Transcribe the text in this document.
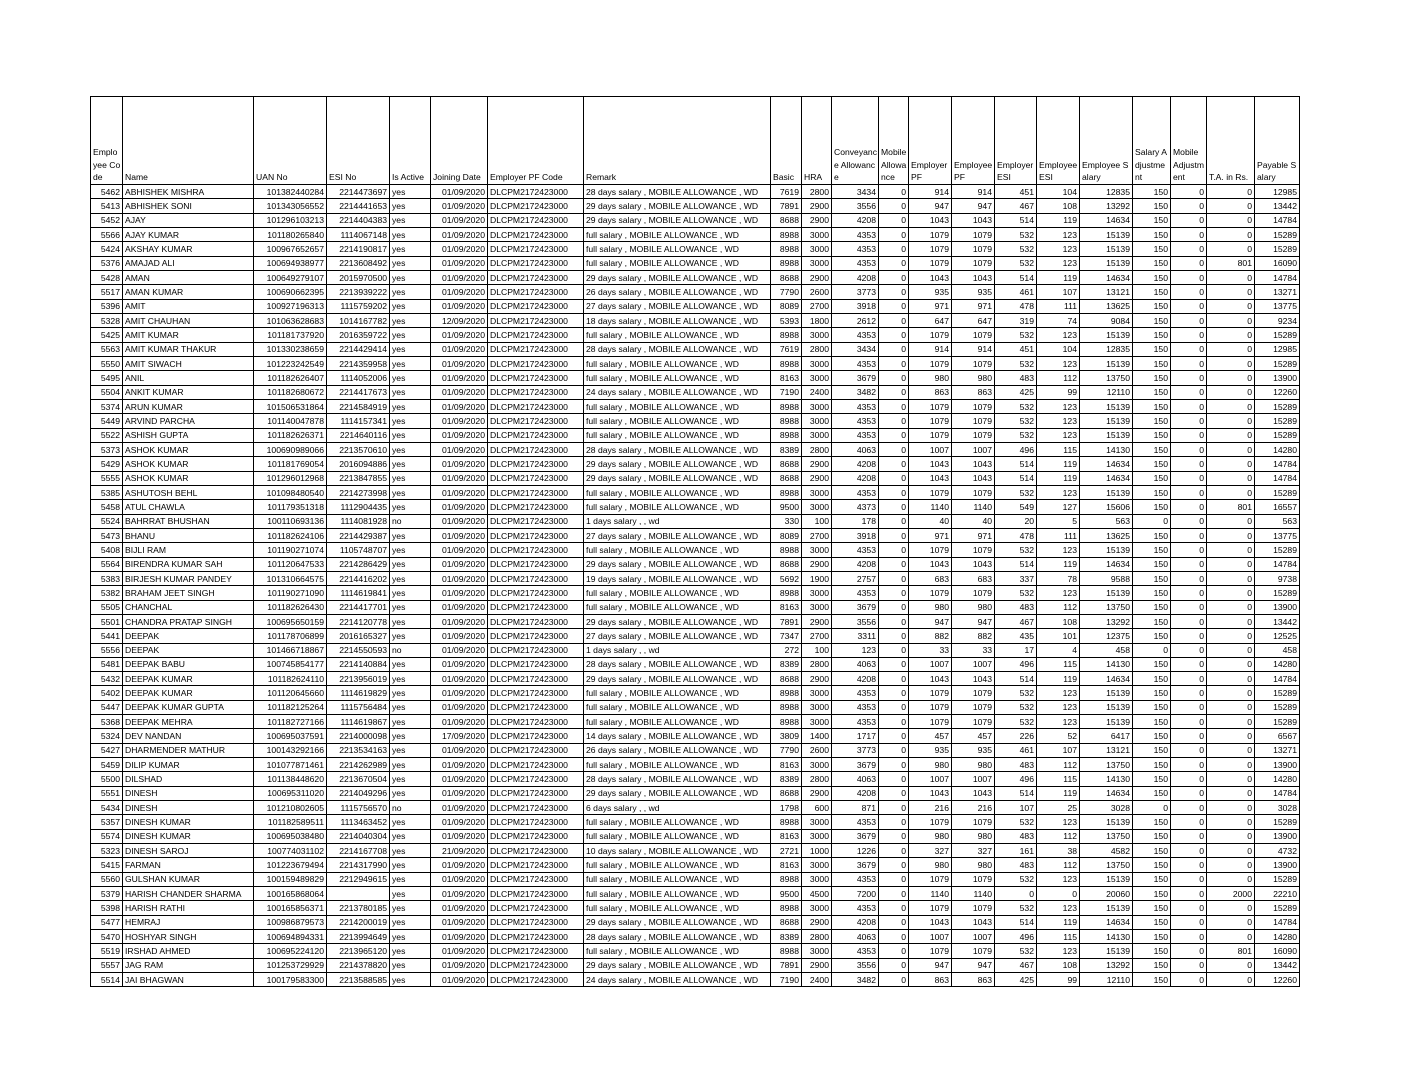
Employee Code	Name	UAN No	ESI No	Is Active	Joining Date	Employer PF Code	Remark	Basic	HRA	Conveyance Allowance	Mobile Allowance	Employer PF	Employee PF	Employer ESI	Employee ESI	Employee Salary	Salary Adjustment	Mobile Adjustment	T.A. in Rs.	Payable Salary
5462	ABHISHEK MISHRA	101382440284	2214473697	yes	01/09/2020	DLCPM2172423000	28 days salary , MOBILE ALLOWANCE , WD	7619	2800	3434	0	914	914	451	104	12835	150	0	0	12985
5413	ABHISHEK SONI	101343056552	2214441653	yes	01/09/2020	DLCPM2172423000	29 days salary , MOBILE ALLOWANCE , WD	7891	2900	3556	0	947	947	467	108	13292	150	0	0	13442
5452	AJAY	101296103213	2214404383	yes	01/09/2020	DLCPM2172423000	29 days salary , MOBILE ALLOWANCE , WD	8688	2900	4208	0	1043	1043	514	119	14634	150	0	0	14784
5566	AJAY KUMAR	101180265840	1114067148	yes	01/09/2020	DLCPM2172423000	full salary , MOBILE ALLOWANCE , WD	8988	3000	4353	0	1079	1079	532	123	15139	150	0	0	15289
5424	AKSHAY KUMAR	100967652657	2214190817	yes	01/09/2020	DLCPM2172423000	full salary , MOBILE ALLOWANCE , WD	8988	3000	4353	0	1079	1079	532	123	15139	150	0	0	15289
5376	AMAJAD ALI	100694938977	2213608492	yes	01/09/2020	DLCPM2172423000	full salary , MOBILE ALLOWANCE , WD	8988	3000	4353	0	1079	1079	532	123	15139	150	0	801	16090
5428	AMAN	100649279107	2015970500	yes	01/09/2020	DLCPM2172423000	29 days salary , MOBILE ALLOWANCE , WD	8688	2900	4208	0	1043	1043	514	119	14634	150	0	0	14784
5517	AMAN KUMAR	100690662395	2213939222	yes	01/09/2020	DLCPM2172423000	26 days salary , MOBILE ALLOWANCE , WD	7790	2600	3773	0	935	935	461	107	13121	150	0	0	13271
5396	AMIT	100927196313	1115759202	yes	01/09/2020	DLCPM2172423000	27 days salary , MOBILE ALLOWANCE , WD	8089	2700	3918	0	971	971	478	111	13625	150	0	0	13775
5328	AMIT CHAUHAN	101063628683	1014167782	yes	12/09/2020	DLCPM2172423000	18 days salary , MOBILE ALLOWANCE , WD	5393	1800	2612	0	647	647	319	74	9084	150	0	0	9234
5425	AMIT KUMAR	101181737920	2016359722	yes	01/09/2020	DLCPM2172423000	full salary , MOBILE ALLOWANCE , WD	8988	3000	4353	0	1079	1079	532	123	15139	150	0	0	15289
5563	AMIT KUMAR THAKUR	101330238659	2214429414	yes	01/09/2020	DLCPM2172423000	28 days salary , MOBILE ALLOWANCE , WD	7619	2800	3434	0	914	914	451	104	12835	150	0	0	12985
5550	AMIT SIWACH	101223242549	2214359958	yes	01/09/2020	DLCPM2172423000	full salary , MOBILE ALLOWANCE , WD	8988	3000	4353	0	1079	1079	532	123	15139	150	0	0	15289
5495	ANIL	101182626407	1114052006	yes	01/09/2020	DLCPM2172423000	full salary , MOBILE ALLOWANCE , WD	8163	3000	3679	0	980	980	483	112	13750	150	0	0	13900
5504	ANKIT KUMAR	101182680672	2214417673	yes	01/09/2020	DLCPM2172423000	24 days salary , MOBILE ALLOWANCE , WD	7190	2400	3482	0	863	863	425	99	12110	150	0	0	12260
5374	ARUN KUMAR	101506531864	2214584919	yes	01/09/2020	DLCPM2172423000	full salary , MOBILE ALLOWANCE , WD	8988	3000	4353	0	1079	1079	532	123	15139	150	0	0	15289
5449	ARVIND PARCHA	101140047878	1114157341	yes	01/09/2020	DLCPM2172423000	full salary , MOBILE ALLOWANCE , WD	8988	3000	4353	0	1079	1079	532	123	15139	150	0	0	15289
5522	ASHISH GUPTA	101182626371	2214640116	yes	01/09/2020	DLCPM2172423000	full salary , MOBILE ALLOWANCE , WD	8988	3000	4353	0	1079	1079	532	123	15139	150	0	0	15289
5373	ASHOK KUMAR	100690989066	2213570610	yes	01/09/2020	DLCPM2172423000	28 days salary , MOBILE ALLOWANCE , WD	8389	2800	4063	0	1007	1007	496	115	14130	150	0	0	14280
5429	ASHOK KUMAR	101181769054	2016094886	yes	01/09/2020	DLCPM2172423000	29 days salary , MOBILE ALLOWANCE , WD	8688	2900	4208	0	1043	1043	514	119	14634	150	0	0	14784
5555	ASHOK KUMAR	101296012968	2213847855	yes	01/09/2020	DLCPM2172423000	29 days salary , MOBILE ALLOWANCE , WD	8688	2900	4208	0	1043	1043	514	119	14634	150	0	0	14784
5385	ASHUTOSH BEHL	101098480540	2214273998	yes	01/09/2020	DLCPM2172423000	full salary , MOBILE ALLOWANCE , WD	8988	3000	4353	0	1079	1079	532	123	15139	150	0	0	15289
5458	ATUL CHAWLA	101179351318	1112904435	yes	01/09/2020	DLCPM2172423000	full salary , MOBILE ALLOWANCE , WD	9500	3000	4373	0	1140	1140	549	127	15606	150	0	801	16557
5524	BAHRRAT BHUSHAN	100110693136	1114081928	no	01/09/2020	DLCPM2172423000	1 days salary , , wd	330	100	178	0	40	40	20	5	563	0	0	0	563
5473	BHANU	101182624106	2214429387	yes	01/09/2020	DLCPM2172423000	27 days salary , MOBILE ALLOWANCE , WD	8089	2700	3918	0	971	971	478	111	13625	150	0	0	13775
5408	BIJLI RAM	101190271074	1105748707	yes	01/09/2020	DLCPM2172423000	full salary , MOBILE ALLOWANCE , WD	8988	3000	4353	0	1079	1079	532	123	15139	150	0	0	15289
5564	BIRENDRA KUMAR SAH	101120647533	2214286429	yes	01/09/2020	DLCPM2172423000	29 days salary , MOBILE ALLOWANCE , WD	8688	2900	4208	0	1043	1043	514	119	14634	150	0	0	14784
5383	BIRJESH KUMAR PANDEY	101310664575	2214416202	yes	01/09/2020	DLCPM2172423000	19 days salary , MOBILE ALLOWANCE , WD	5692	1900	2757	0	683	683	337	78	9588	150	0	0	9738
5382	BRAHAM JEET SINGH	101190271090	1114619841	yes	01/09/2020	DLCPM2172423000	full salary , MOBILE ALLOWANCE , WD	8988	3000	4353	0	1079	1079	532	123	15139	150	0	0	15289
5505	CHANCHAL	101182626430	2214417701	yes	01/09/2020	DLCPM2172423000	full salary , MOBILE ALLOWANCE , WD	8163	3000	3679	0	980	980	483	112	13750	150	0	0	13900
5501	CHANDRA PRATAP SINGH	100695650159	2214120778	yes	01/09/2020	DLCPM2172423000	29 days salary , MOBILE ALLOWANCE , WD	7891	2900	3556	0	947	947	467	108	13292	150	0	0	13442
5441	DEEPAK	101178706899	2016165327	yes	01/09/2020	DLCPM2172423000	27 days salary , MOBILE ALLOWANCE , WD	7347	2700	3311	0	882	882	435	101	12375	150	0	0	12525
5556	DEEPAK	101466718867	2214550593	no	01/09/2020	DLCPM2172423000	1 days salary , , wd	272	100	123	0	33	33	17	4	458	0	0	0	458
5481	DEEPAK BABU	100745854177	2214140884	yes	01/09/2020	DLCPM2172423000	28 days salary , MOBILE ALLOWANCE , WD	8389	2800	4063	0	1007	1007	496	115	14130	150	0	0	14280
5432	DEEPAK KUMAR	101182624110	2213956019	yes	01/09/2020	DLCPM2172423000	29 days salary , MOBILE ALLOWANCE , WD	8688	2900	4208	0	1043	1043	514	119	14634	150	0	0	14784
5402	DEEPAK KUMAR	101120645660	1114619829	yes	01/09/2020	DLCPM2172423000	full salary , MOBILE ALLOWANCE , WD	8988	3000	4353	0	1079	1079	532	123	15139	150	0	0	15289
5447	DEEPAK KUMAR GUPTA	101182125264	1115756484	yes	01/09/2020	DLCPM2172423000	full salary , MOBILE ALLOWANCE , WD	8988	3000	4353	0	1079	1079	532	123	15139	150	0	0	15289
5368	DEEPAK MEHRA	101182727166	1114619867	yes	01/09/2020	DLCPM2172423000	full salary , MOBILE ALLOWANCE , WD	8988	3000	4353	0	1079	1079	532	123	15139	150	0	0	15289
5324	DEV NANDAN	100695037591	2214000098	yes	17/09/2020	DLCPM2172423000	14 days salary , MOBILE ALLOWANCE , WD	3809	1400	1717	0	457	457	226	52	6417	150	0	0	6567
5427	DHARMENDER MATHUR	100143292166	2213534163	yes	01/09/2020	DLCPM2172423000	26 days salary , MOBILE ALLOWANCE , WD	7790	2600	3773	0	935	935	461	107	13121	150	0	0	13271
5459	DILIP KUMAR	101077871461	2214262989	yes	01/09/2020	DLCPM2172423000	full salary , MOBILE ALLOWANCE , WD	8163	3000	3679	0	980	980	483	112	13750	150	0	0	13900
5500	DILSHAD	101138448620	2213670504	yes	01/09/2020	DLCPM2172423000	28 days salary , MOBILE ALLOWANCE , WD	8389	2800	4063	0	1007	1007	496	115	14130	150	0	0	14280
5551	DINESH	100695311020	2214049296	yes	01/09/2020	DLCPM2172423000	29 days salary , MOBILE ALLOWANCE , WD	8688	2900	4208	0	1043	1043	514	119	14634	150	0	0	14784
5434	DINESH	101210802605	1115756570	no	01/09/2020	DLCPM2172423000	6 days salary , , wd	1798	600	871	0	216	216	107	25	3028	0	0	0	3028
5357	DINESH KUMAR	101182589511	1113463452	yes	01/09/2020	DLCPM2172423000	full salary , MOBILE ALLOWANCE , WD	8988	3000	4353	0	1079	1079	532	123	15139	150	0	0	15289
5574	DINESH KUMAR	100695038480	2214040304	yes	01/09/2020	DLCPM2172423000	full salary , MOBILE ALLOWANCE , WD	8163	3000	3679	0	980	980	483	112	13750	150	0	0	13900
5323	DINESH SAROJ	100774031102	2214167708	yes	21/09/2020	DLCPM2172423000	10 days salary , MOBILE ALLOWANCE , WD	2721	1000	1226	0	327	327	161	38	4582	150	0	0	4732
5415	FARMAN	101223679494	2214317990	yes	01/09/2020	DLCPM2172423000	full salary , MOBILE ALLOWANCE , WD	8163	3000	3679	0	980	980	483	112	13750	150	0	0	13900
5560	GULSHAN KUMAR	100159489829	2212949615	yes	01/09/2020	DLCPM2172423000	full salary , MOBILE ALLOWANCE , WD	8988	3000	4353	0	1079	1079	532	123	15139	150	0	0	15289
5379	HARISH CHANDER SHARMA	100165868064		yes	01/09/2020	DLCPM2172423000	full salary , MOBILE ALLOWANCE , WD	9500	4500	7200	0	1140	1140	0	0	20060	150	0	2000	22210
5398	HARISH RATHI	100165856371	2213780185	yes	01/09/2020	DLCPM2172423000	full salary , MOBILE ALLOWANCE , WD	8988	3000	4353	0	1079	1079	532	123	15139	150	0	0	15289
5477	HEMRAJ	100986879573	2214200019	yes	01/09/2020	DLCPM2172423000	29 days salary , MOBILE ALLOWANCE , WD	8688	2900	4208	0	1043	1043	514	119	14634	150	0	0	14784
5470	HOSHYAR SINGH	100694894331	2213994649	yes	01/09/2020	DLCPM2172423000	28 days salary , MOBILE ALLOWANCE , WD	8389	2800	4063	0	1007	1007	496	115	14130	150	0	0	14280
5519	IRSHAD AHMED	100695224120	2213965120	yes	01/09/2020	DLCPM2172423000	full salary , MOBILE ALLOWANCE , WD	8988	3000	4353	0	1079	1079	532	123	15139	150	0	801	16090
5557	JAG RAM	101253729929	2214378820	yes	01/09/2020	DLCPM2172423000	29 days salary , MOBILE ALLOWANCE , WD	7891	2900	3556	0	947	947	467	108	13292	150	0	0	13442
5514	JAI BHAGWAN	100179583300	2213588585	yes	01/09/2020	DLCPM2172423000	24 days salary , MOBILE ALLOWANCE , WD	7190	2400	3482	0	863	863	425	99	12110	150	0	0	12260
